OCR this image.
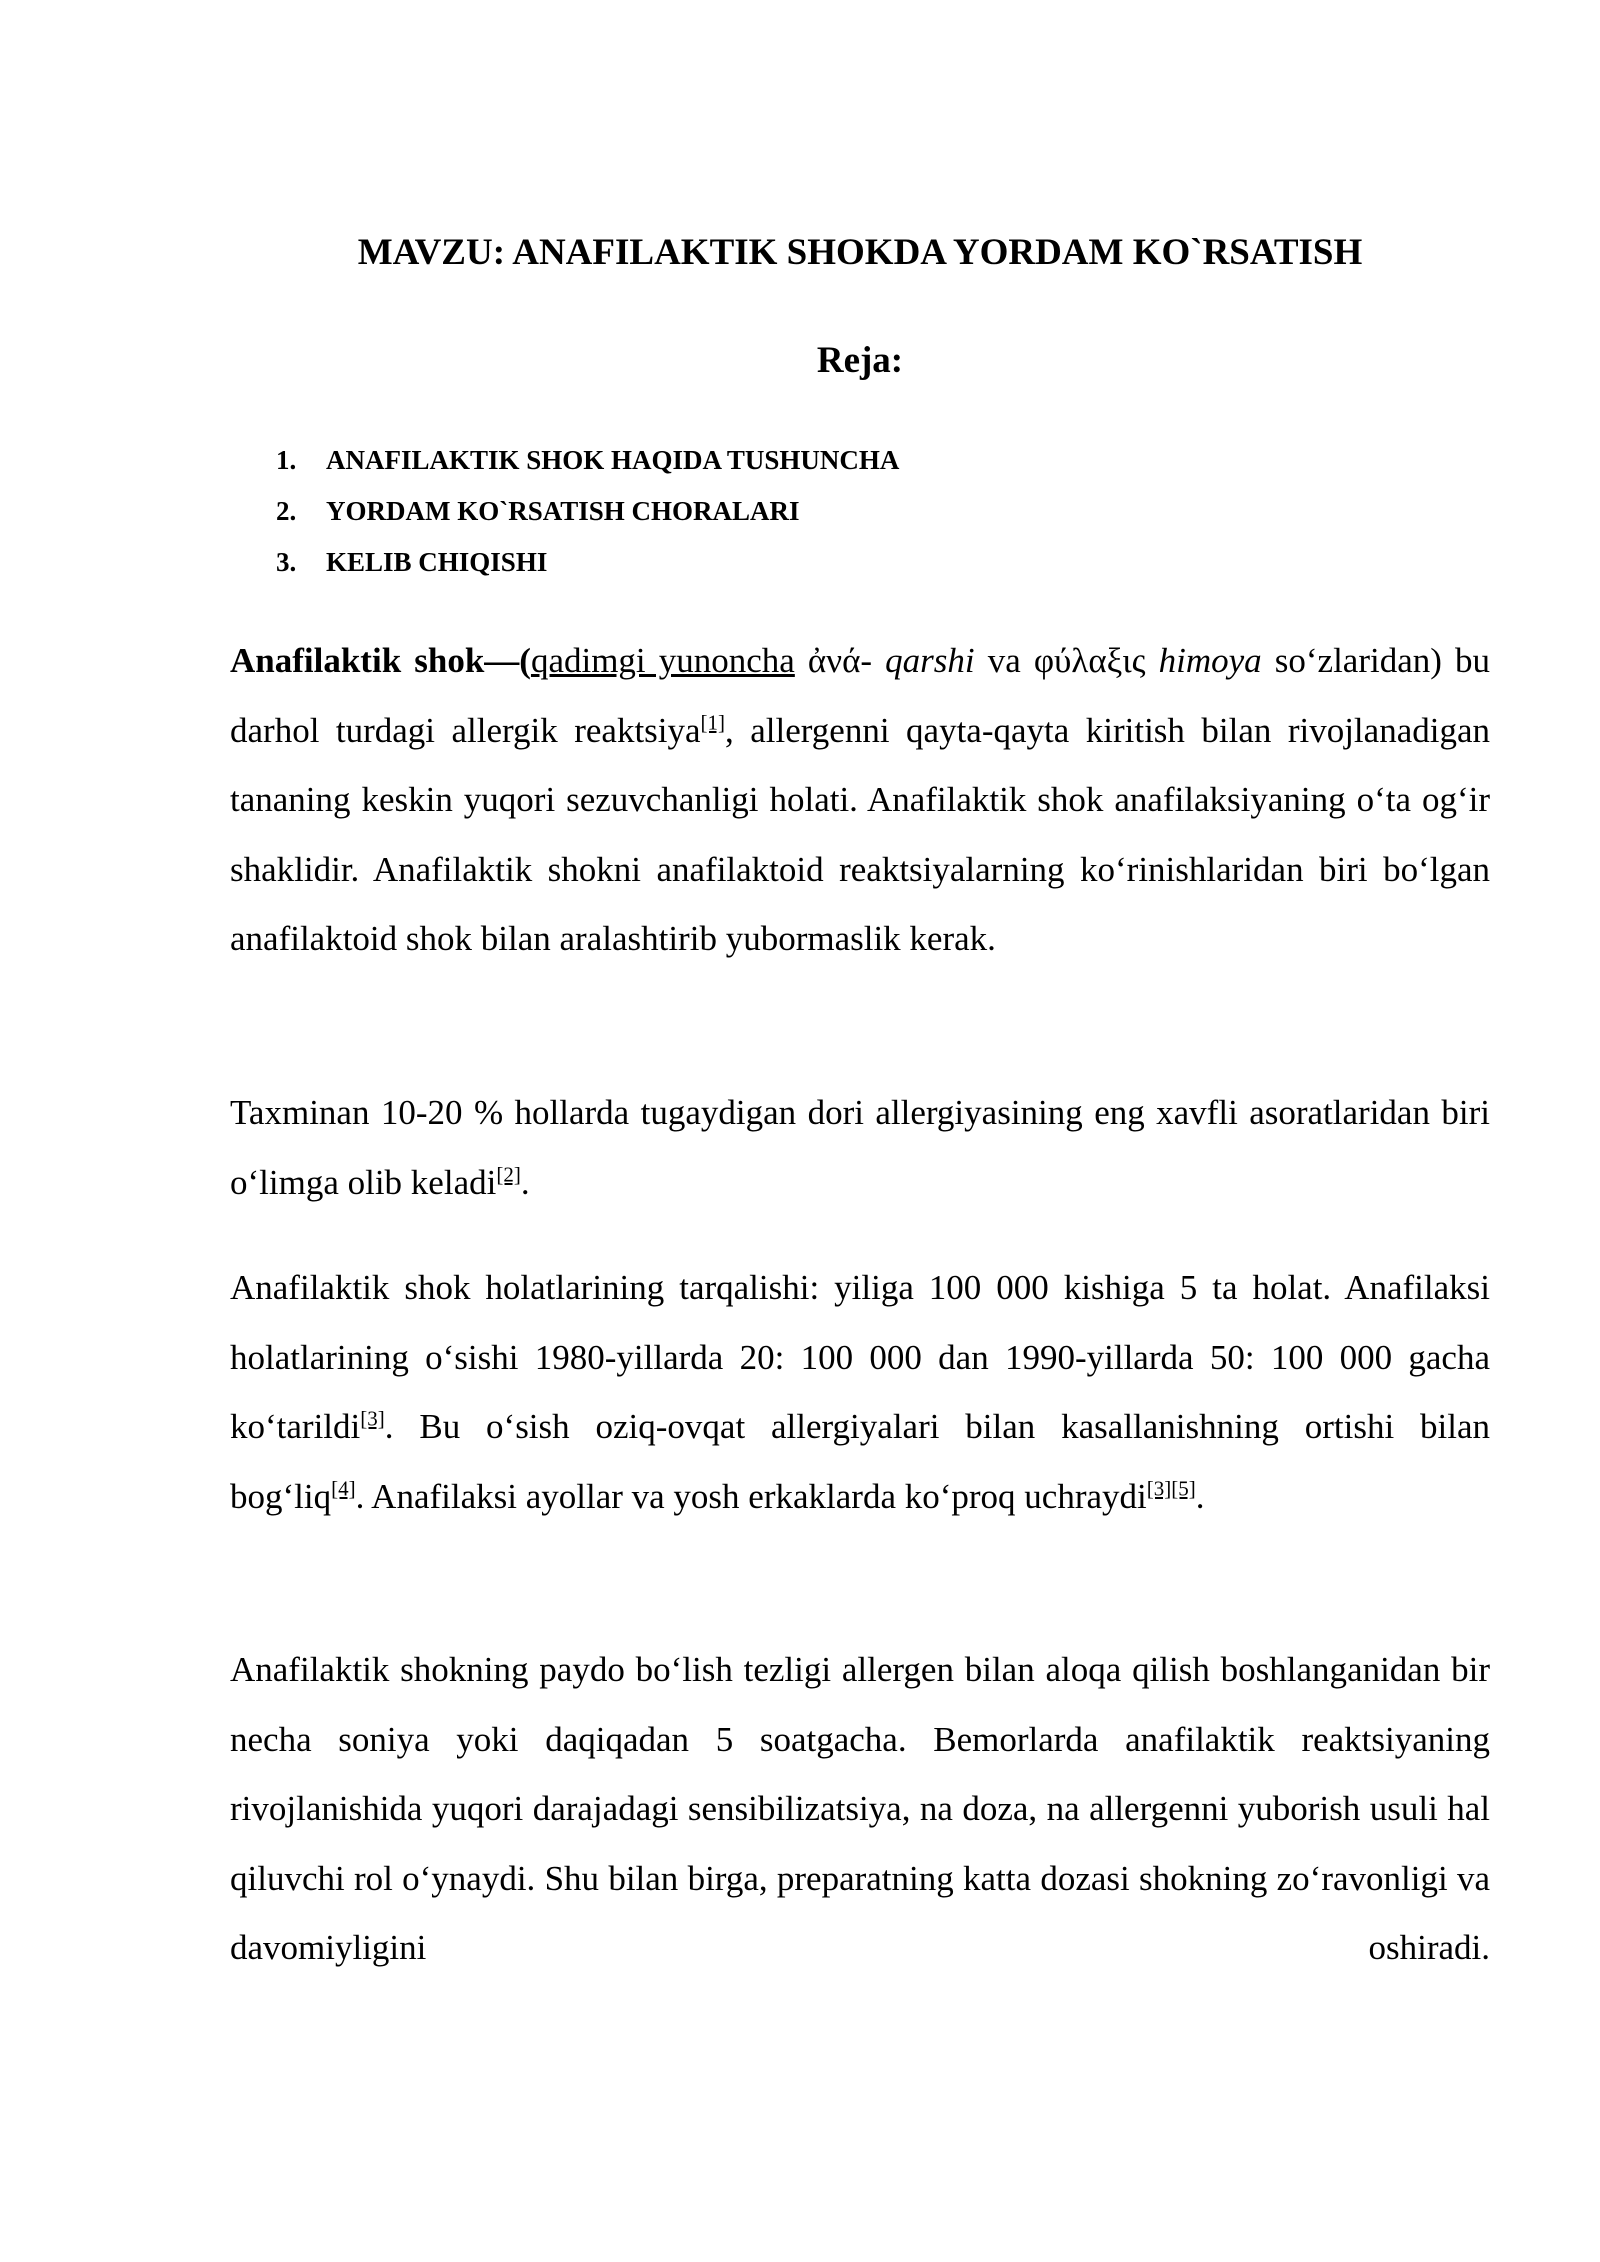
MAVZU: ANAFILAKTIK SHOKDA YORDAM KO`RSATISH
Reja:
1.	ANAFILAKTIK SHOK HAQIDA TUSHUNCHA
2.	YORDAM KO`RSATISH CHORALARI
3.	KELIB CHIQISHI

Anafilaktik shok—(qadimgi yunoncha ἀνά- qarshi va φύλαξις himoya so‘zlaridan) bu darhol turdagi allergik reaktsiya[1], allergenni qayta-qayta kiritish bilan rivojlanadigan tananing keskin yuqori sezuvchanligi holati. Anafilaktik shok anafilaksiyaning o‘ta og‘ir shaklidir. Anafilaktik shokni anafilaktoid reaktsiyalarning ko‘rinishlaridan biri bo‘lgan anafilaktoid shok bilan aralashtirib yubormaslik kerak.

Taxminan 10-20 % hollarda tugaydigan dori allergiyasining eng xavfli asoratlaridan biri o‘limga olib keladi[2].

Anafilaktik shok holatlarining tarqalishi: yiliga 100 000 kishiga 5 ta holat. Anafilaksi holatlarining o‘sishi 1980-yillarda 20: 100 000 dan 1990-yillarda 50: 100 000 gacha ko‘tarildi[3]. Bu o‘sish oziq-ovqat allergiyalari bilan kasallanishning ortishi bilan bog‘liq[4]. Anafilaksi ayollar va yosh erkaklarda ko‘proq uchraydi[3][5].

Anafilaktik shokning paydo bo‘lish tezligi allergen bilan aloqa qilish boshlanganidan bir necha soniya yoki daqiqadan 5 soatgacha. Bemorlarda anafilaktik reaktsiyaning rivojlanishida yuqori darajadagi sensibilizatsiya, na doza, na allergenni yuborish usuli hal qiluvchi rol o‘ynaydi. Shu bilan birga, preparatning katta dozasi shokning zo‘ravonligi va davomiyligini oshiradi.
